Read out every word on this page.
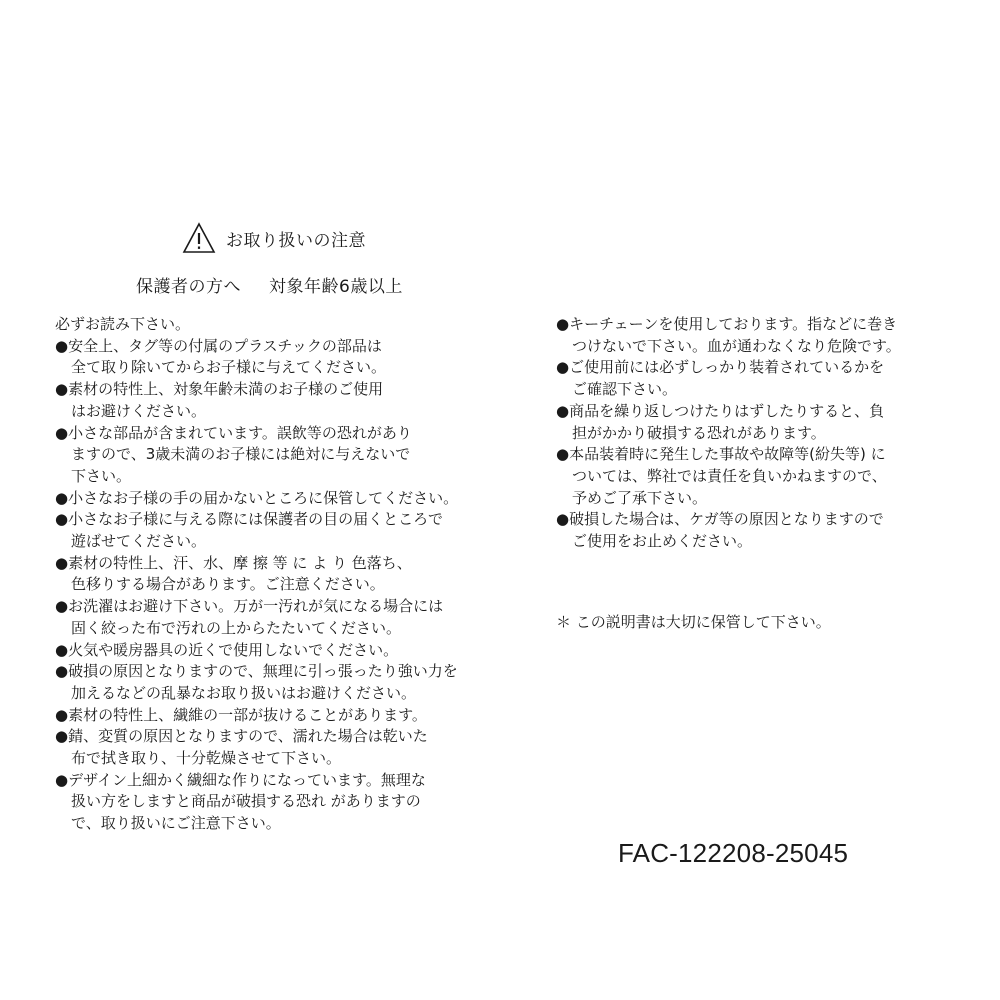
お取り扱いの注意
保護者の方へ 対象年齢6歳以上
必ずお読み下さい。
●安全上、タグ等の付属のプラスチックの部品は
全て取り除いてからお子様に与えてください。
●素材の特性上、対象年齢未満のお子様のご使用
はお避けください。
●小さな部品が含まれています。誤飲等の恐れがあり
ますので、3歳未満のお子様には絶対に与えないで
下さい。
●小さなお子様の手の届かないところに保管してください。
●小さなお子様に与える際には保護者の目の届くところで
遊ばせてください。
●素材の特性上、汗、水、摩 擦 等 に よ り 色落ち、
色移りする場合があります。ご注意ください。
●お洗濯はお避け下さい。万が一汚れが気になる場合には
固く絞った布で汚れの上からたたいてください。
●火気や暖房器具の近くで使用しないでください。
●破損の原因となりますので、無理に引っ張ったり強い力を
加えるなどの乱暴なお取り扱いはお避けください。
●素材の特性上、繊維の一部が抜けることがあります。
●錆、変質の原因となりますので、濡れた場合は乾いた
布で拭き取り、十分乾燥させて下さい。
●デザイン上細かく繊細な作りになっています。無理な
扱い方をしますと商品が破損する恐れ がありますの
で、取り扱いにご注意下さい。
●キーチェーンを使用しております。指などに巻き
つけないで下さい。血が通わなくなり危険です。
●ご使用前には必ずしっかり装着されているかを
ご確認下さい。
●商品を繰り返しつけたりはずしたりすると、負
担がかかり破損する恐れがあります。
●本品装着時に発生した事故や故障等(紛失等) に
ついては、弊社では責任を負いかねますので、
予めご了承下さい。
●破損した場合は、ケガ等の原因となりますので
ご使用をお止めください。
＊ この説明書は大切に保管して下さい。
FAC-122208-25045
